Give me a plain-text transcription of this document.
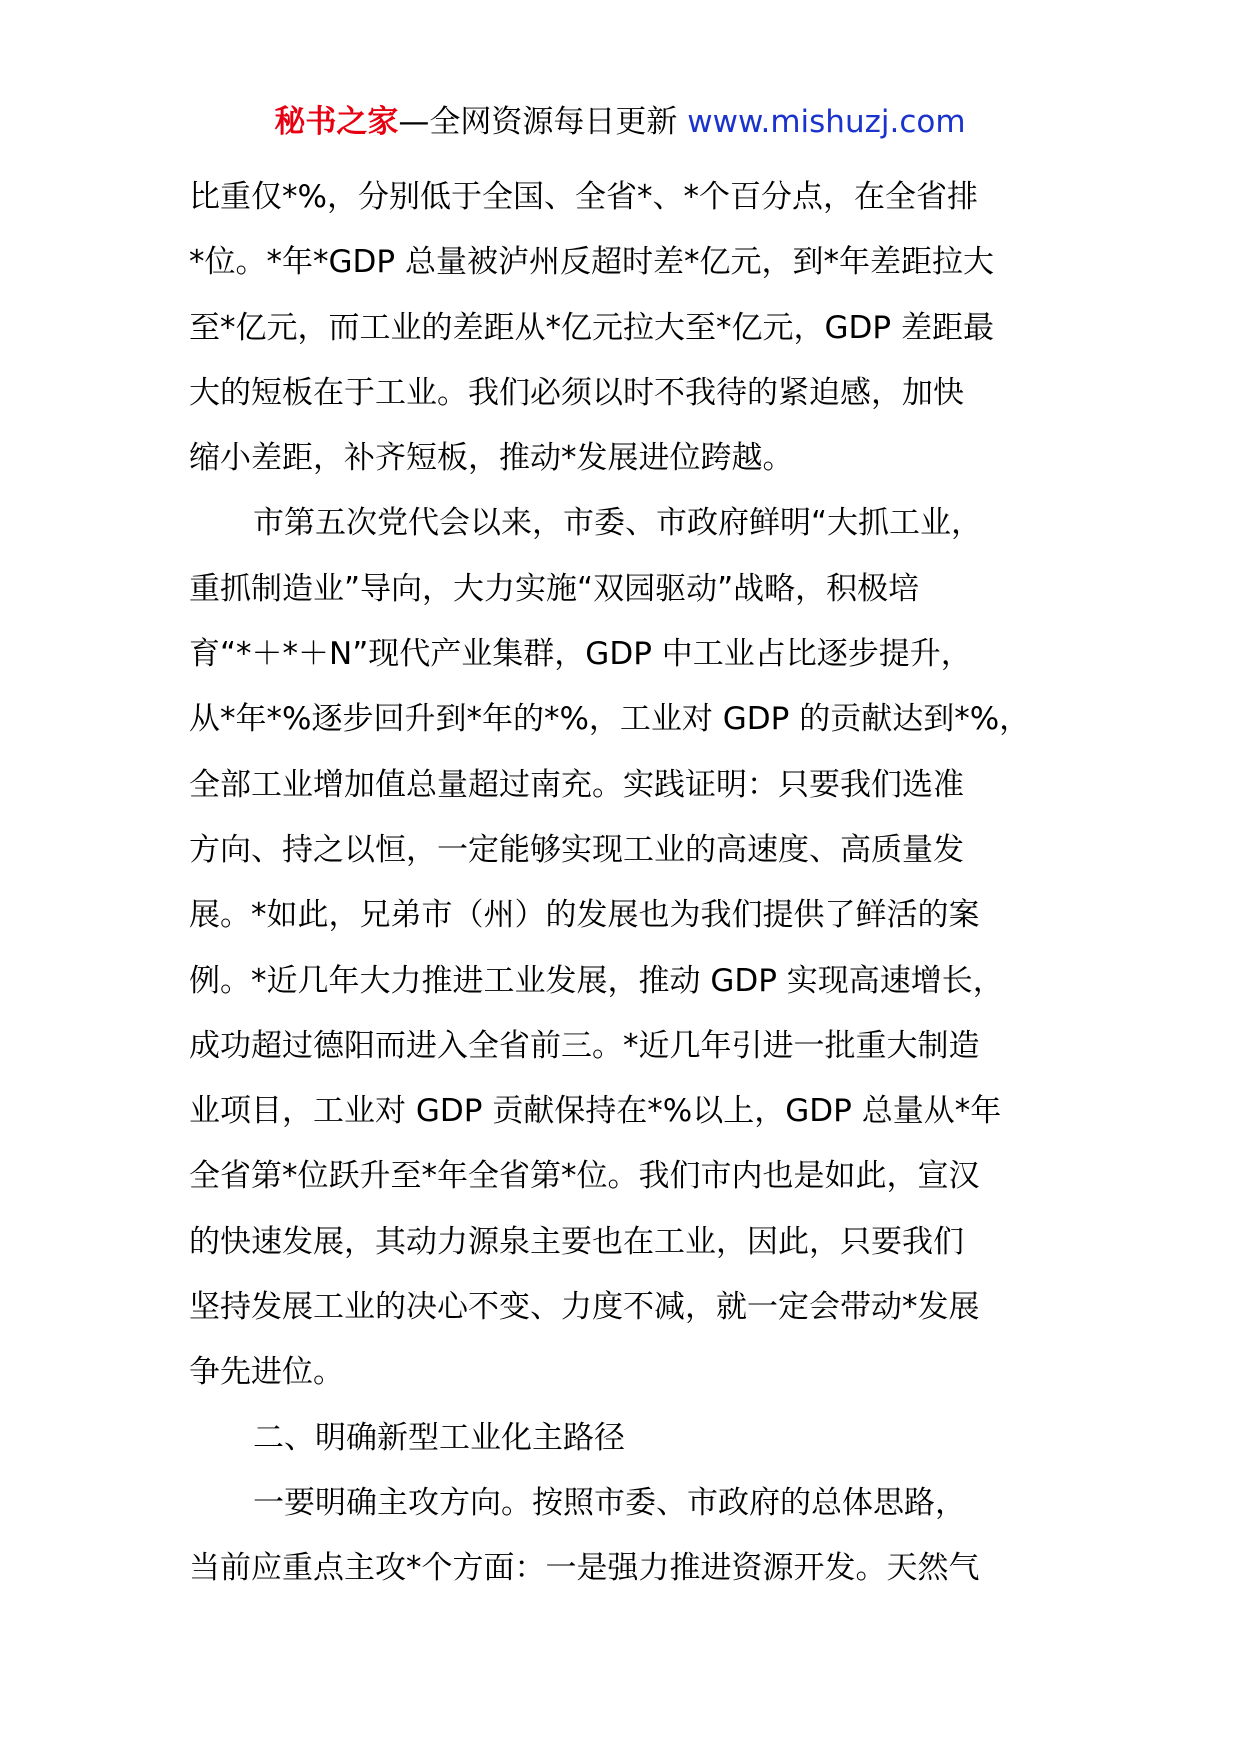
秘书之家—全网资源每日更新 www.mishuzj.com
比重仅*%，分别低于全国、全省*、*个百分点，在全省排
*位。*年*GDP 总量被泸州反超时差*亿元，到*年差距拉大
至*亿元，而工业的差距从*亿元拉大至*亿元，GDP 差距最
大的短板在于工业。我们必须以时不我待的紧迫感，加快
缩小差距，补齐短板，推动*发展进位跨越。
市第五次党代会以来，市委、市政府鲜明“大抓工业，
重抓制造业”导向，大力实施“双园驱动”战略，积极培
育“*＋*＋N”现代产业集群，GDP 中工业占比逐步提升，
从*年*%逐步回升到*年的*%，工业对 GDP 的贡献达到*%，
全部工业增加值总量超过南充。实践证明：只要我们选准
方向、持之以恒，一定能够实现工业的高速度、高质量发
展。*如此，兄弟市（州）的发展也为我们提供了鲜活的案
例。*近几年大力推进工业发展，推动 GDP 实现高速增长，
成功超过德阳而进入全省前三。*近几年引进一批重大制造
业项目，工业对 GDP 贡献保持在*%以上，GDP 总量从*年
全省第*位跃升至*年全省第*位。我们市内也是如此，宣汉
的快速发展，其动力源泉主要也在工业，因此，只要我们
坚持发展工业的决心不变、力度不减，就一定会带动*发展
争先进位。
二、明确新型工业化主路径
一要明确主攻方向。按照市委、市政府的总体思路，
当前应重点主攻*个方面：一是强力推进资源开发。天然气
